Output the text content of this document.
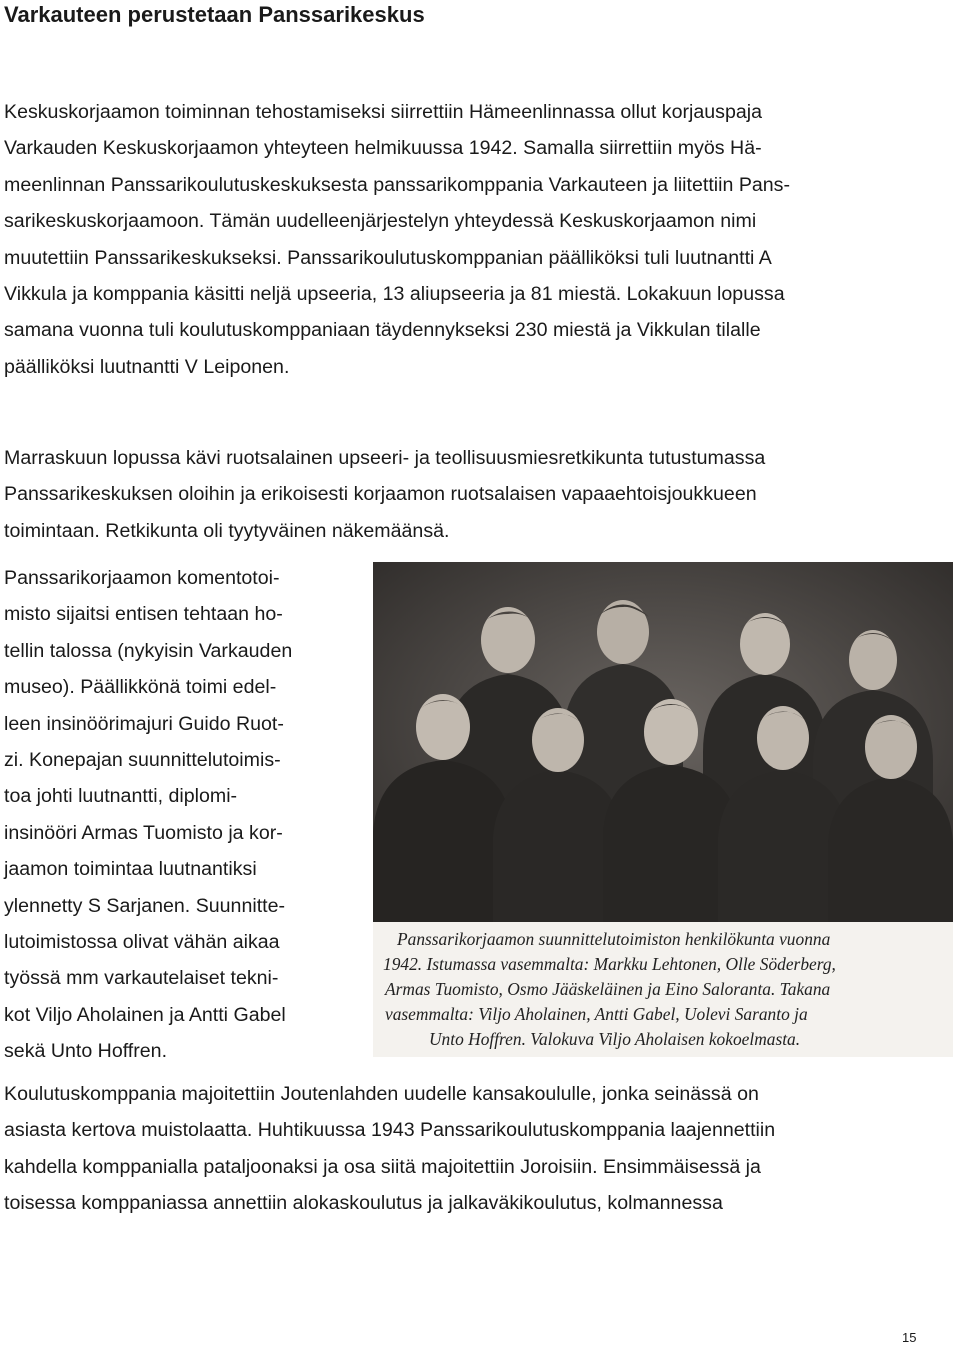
Varkauteen perustetaan Panssarikeskus
Keskuskorjaamon toiminnan tehostamiseksi siirrettiin Hämeenlinnassa ollut korjauspaja
Varkauden Keskuskorjaamon yhteyteen helmikuussa 1942. Samalla siirrettiin myös Hä-
meenlinnan Panssarikoulutuskeskuksesta panssarikomppania Varkauteen ja liitettiin Pans-
sarikeskuskorjaamoon. Tämän uudelleenjärjestelyn yhteydessä Keskuskorjaamon nimi
muutettiin Panssarikeskukseksi. Panssarikoulutuskomppanian päälliköksi tuli luutnantti A
Vikkula ja komppania käsitti neljä upseeria, 13 aliupseeria ja 81 miestä. Lokakuun lopussa
samana vuonna tuli koulutuskomppaniaan täydennykseksi 230 miestä ja Vikkulan tilalle
päälliköksi luutnantti V Leiponen.
Marraskuun lopussa kävi ruotsalainen upseeri- ja teollisuusmiesretkikunta tutustumassa
Panssarikeskuksen oloihin ja erikoisesti korjaamon ruotsalaisen vapaaehtoisjoukkueen
toimintaan. Retkikunta oli tyytyväinen näkemäänsä.
Panssarikorjaamon komentotoi-
misto sijaitsi entisen tehtaan ho-
tellin talossa (nykyisin Varkauden
museo). Päällikkönä toimi edel-
leen insinöörimajuri Guido Ruot-
zi. Konepajan suunnittelutoimis-
toa johti luutnantti, diplomi-
insinööri Armas Tuomisto ja kor-
jaamon toimintaa luutnantiksi
ylennetty S Sarjanen. Suunnitte-
lutoimistossa olivat vähän aikaa
työssä mm varkautelaiset tekni-
kot Viljo Aholainen ja Antti Gabel
sekä Unto Hoffren.
Panssarikorjaamon suunnittelutoimiston henkilökunta vuonna
1942. Istumassa vasemmalta: Markku Lehtonen, Olle Söderberg,
Armas Tuomisto, Osmo Jääskeläinen ja Eino Saloranta. Takana
vasemmalta: Viljo Aholainen, Antti Gabel, Uolevi Saranto ja
Unto Hoffren. Valokuva Viljo Aholaisen kokoelmasta.
Koulutuskomppania majoitettiin Joutenlahden uudelle kansakoululle, jonka seinässä on
asiasta kertova muistolaatta. Huhtikuussa 1943 Panssarikoulutuskomppania laajennettiin
kahdella komppanialla pataljoonaksi ja osa siitä majoitettiin Joroisiin. Ensimmäisessä ja
toisessa komppaniassa annettiin alokaskoulutus ja jalkaväkikoulutus, kolmannessa
15
